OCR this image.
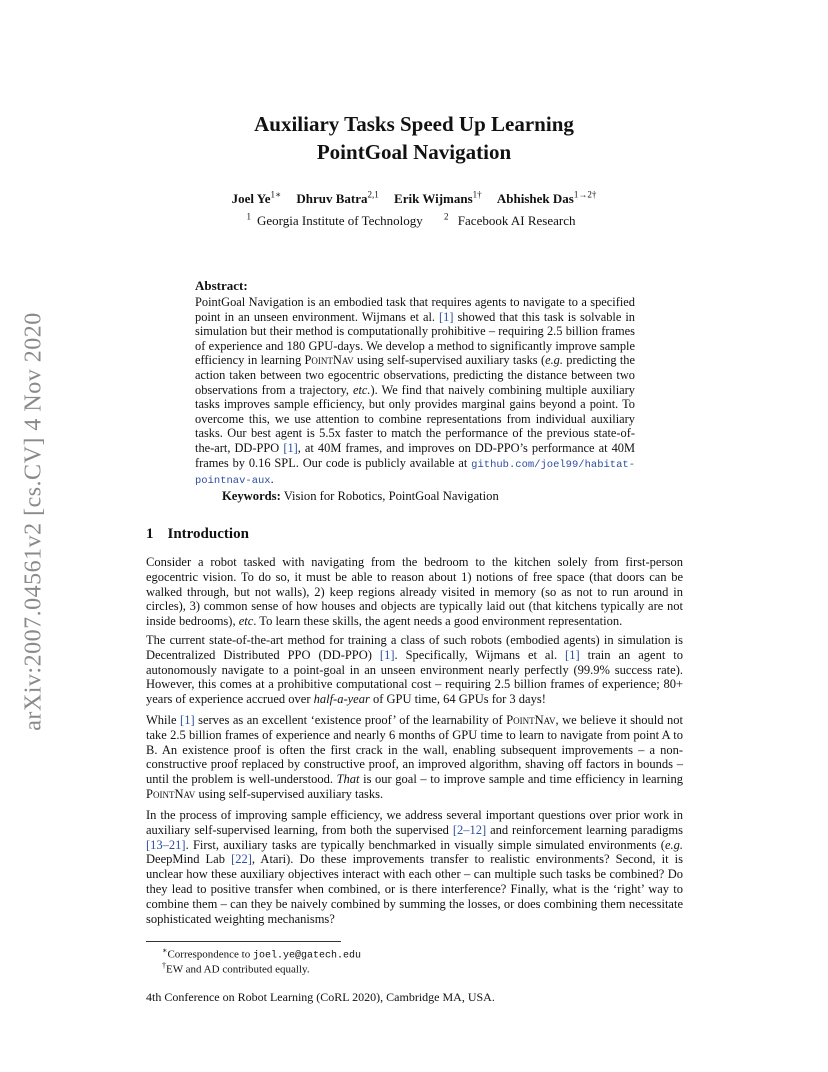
arXiv:2007.04561v2 [cs.CV] 4 Nov 2020
Auxiliary Tasks Speed Up Learning
PointGoal Navigation
Joel $Ye^{1∗}$ Dhruv Batra$^{2,1}$ Erik Wijmans$^{1\dagger}$ Abhishek Das$^{1\to 2\dagger}$
$^1$ Georgia Institute of Technology $^2$ Facebook AI Research
Abstract:

PointGoal Navigation is an embodied task that requires agents to navigate to a specified point in an unseen environment. Wijmans et al. [1] showed that this task is solvable in simulation but their method is computationally prohibitive – requiring 2.5 billion frames of experience and 180 GPU-days. We develop a method to significantly improve sample efficiency in learning PointNav using self-supervised auxiliary tasks (e.g. predicting the action taken between two egocentric observations, predicting the distance between two observations from a trajectory, etc.). We find that naively combining multiple auxiliary tasks improves sample efficiency, but only provides marginal gains beyond a point. To overcome this, we use attention to combine representations from individual auxiliary tasks. Our best agent is 5.5x faster to match the performance of the previous state-of-the-art, DD-PPO [1], at 40M frames, and improves on DD-PPO’s performance at 40M frames by 0.16 SPL. Our code is publicly available at github.com/joel99/habitat-pointnav-aux.

Keywords: Vision for Robotics, PointGoal Navigation
1 Introduction

Consider a robot tasked with navigating from the bedroom to the kitchen solely from first-person egocentric vision. To do so, it must be able to reason about 1) notions of free space (that doors can be walked through, but not walls), 2) keep regions already visited in memory (so as not to run around in circles), 3) common sense of how houses and objects are typically laid out (that kitchens typically are not inside bedrooms), etc. To learn these skills, the agent needs a good environment representation.

The current state-of-the-art method for training a class of such robots (embodied agents) in simulation is Decentralized Distributed PPO (DD-PPO) [1]. Specifically, Wijmans et al. [1] train an agent to autonomously navigate to a point-goal in an unseen environment nearly perfectly (99.9% success rate). However, this comes at a prohibitive computational cost – requiring 2.5 billion frames of experience; 80+ years of experience accrued over half-a-year of GPU time, 64 GPUs for 3 days!

While [1] serves as an excellent ‘existence proof’ of the learnability of PointNav, we believe it should not take 2.5 billion frames of experience and nearly 6 months of GPU time to learn to navigate from point A to B. An existence proof is often the first crack in the wall, enabling subsequent improvements – a non-constructive proof replaced by constructive proof, an improved algorithm, shaving off factors in bounds – until the problem is well-understood. That is our goal – to improve sample and time efficiency in learning PointNav using self-supervised auxiliary tasks.

In the process of improving sample efficiency, we address several important questions over prior work in auxiliary self-supervised learning, from both the supervised [2–12] and reinforcement learning paradigms [13–21]. First, auxiliary tasks are typically benchmarked in visually simple simulated environments (e.g. DeepMind Lab [22], Atari). Do these improvements transfer to realistic environments? Second, it is unclear how these auxiliary objectives interact with each other – can multiple such tasks be combined? Do they lead to positive transfer when combined, or is there interference? Finally, what is the ‘right’ way to combine them – can they be naively combined by summing the losses, or does combining them necessitate sophisticated weighting mechanisms?

∗Correspondence to joel.ye@gatech.edu
†EW and AD contributed equally.
4th Conference on Robot Learning (CoRL 2020), Cambridge MA, USA.
